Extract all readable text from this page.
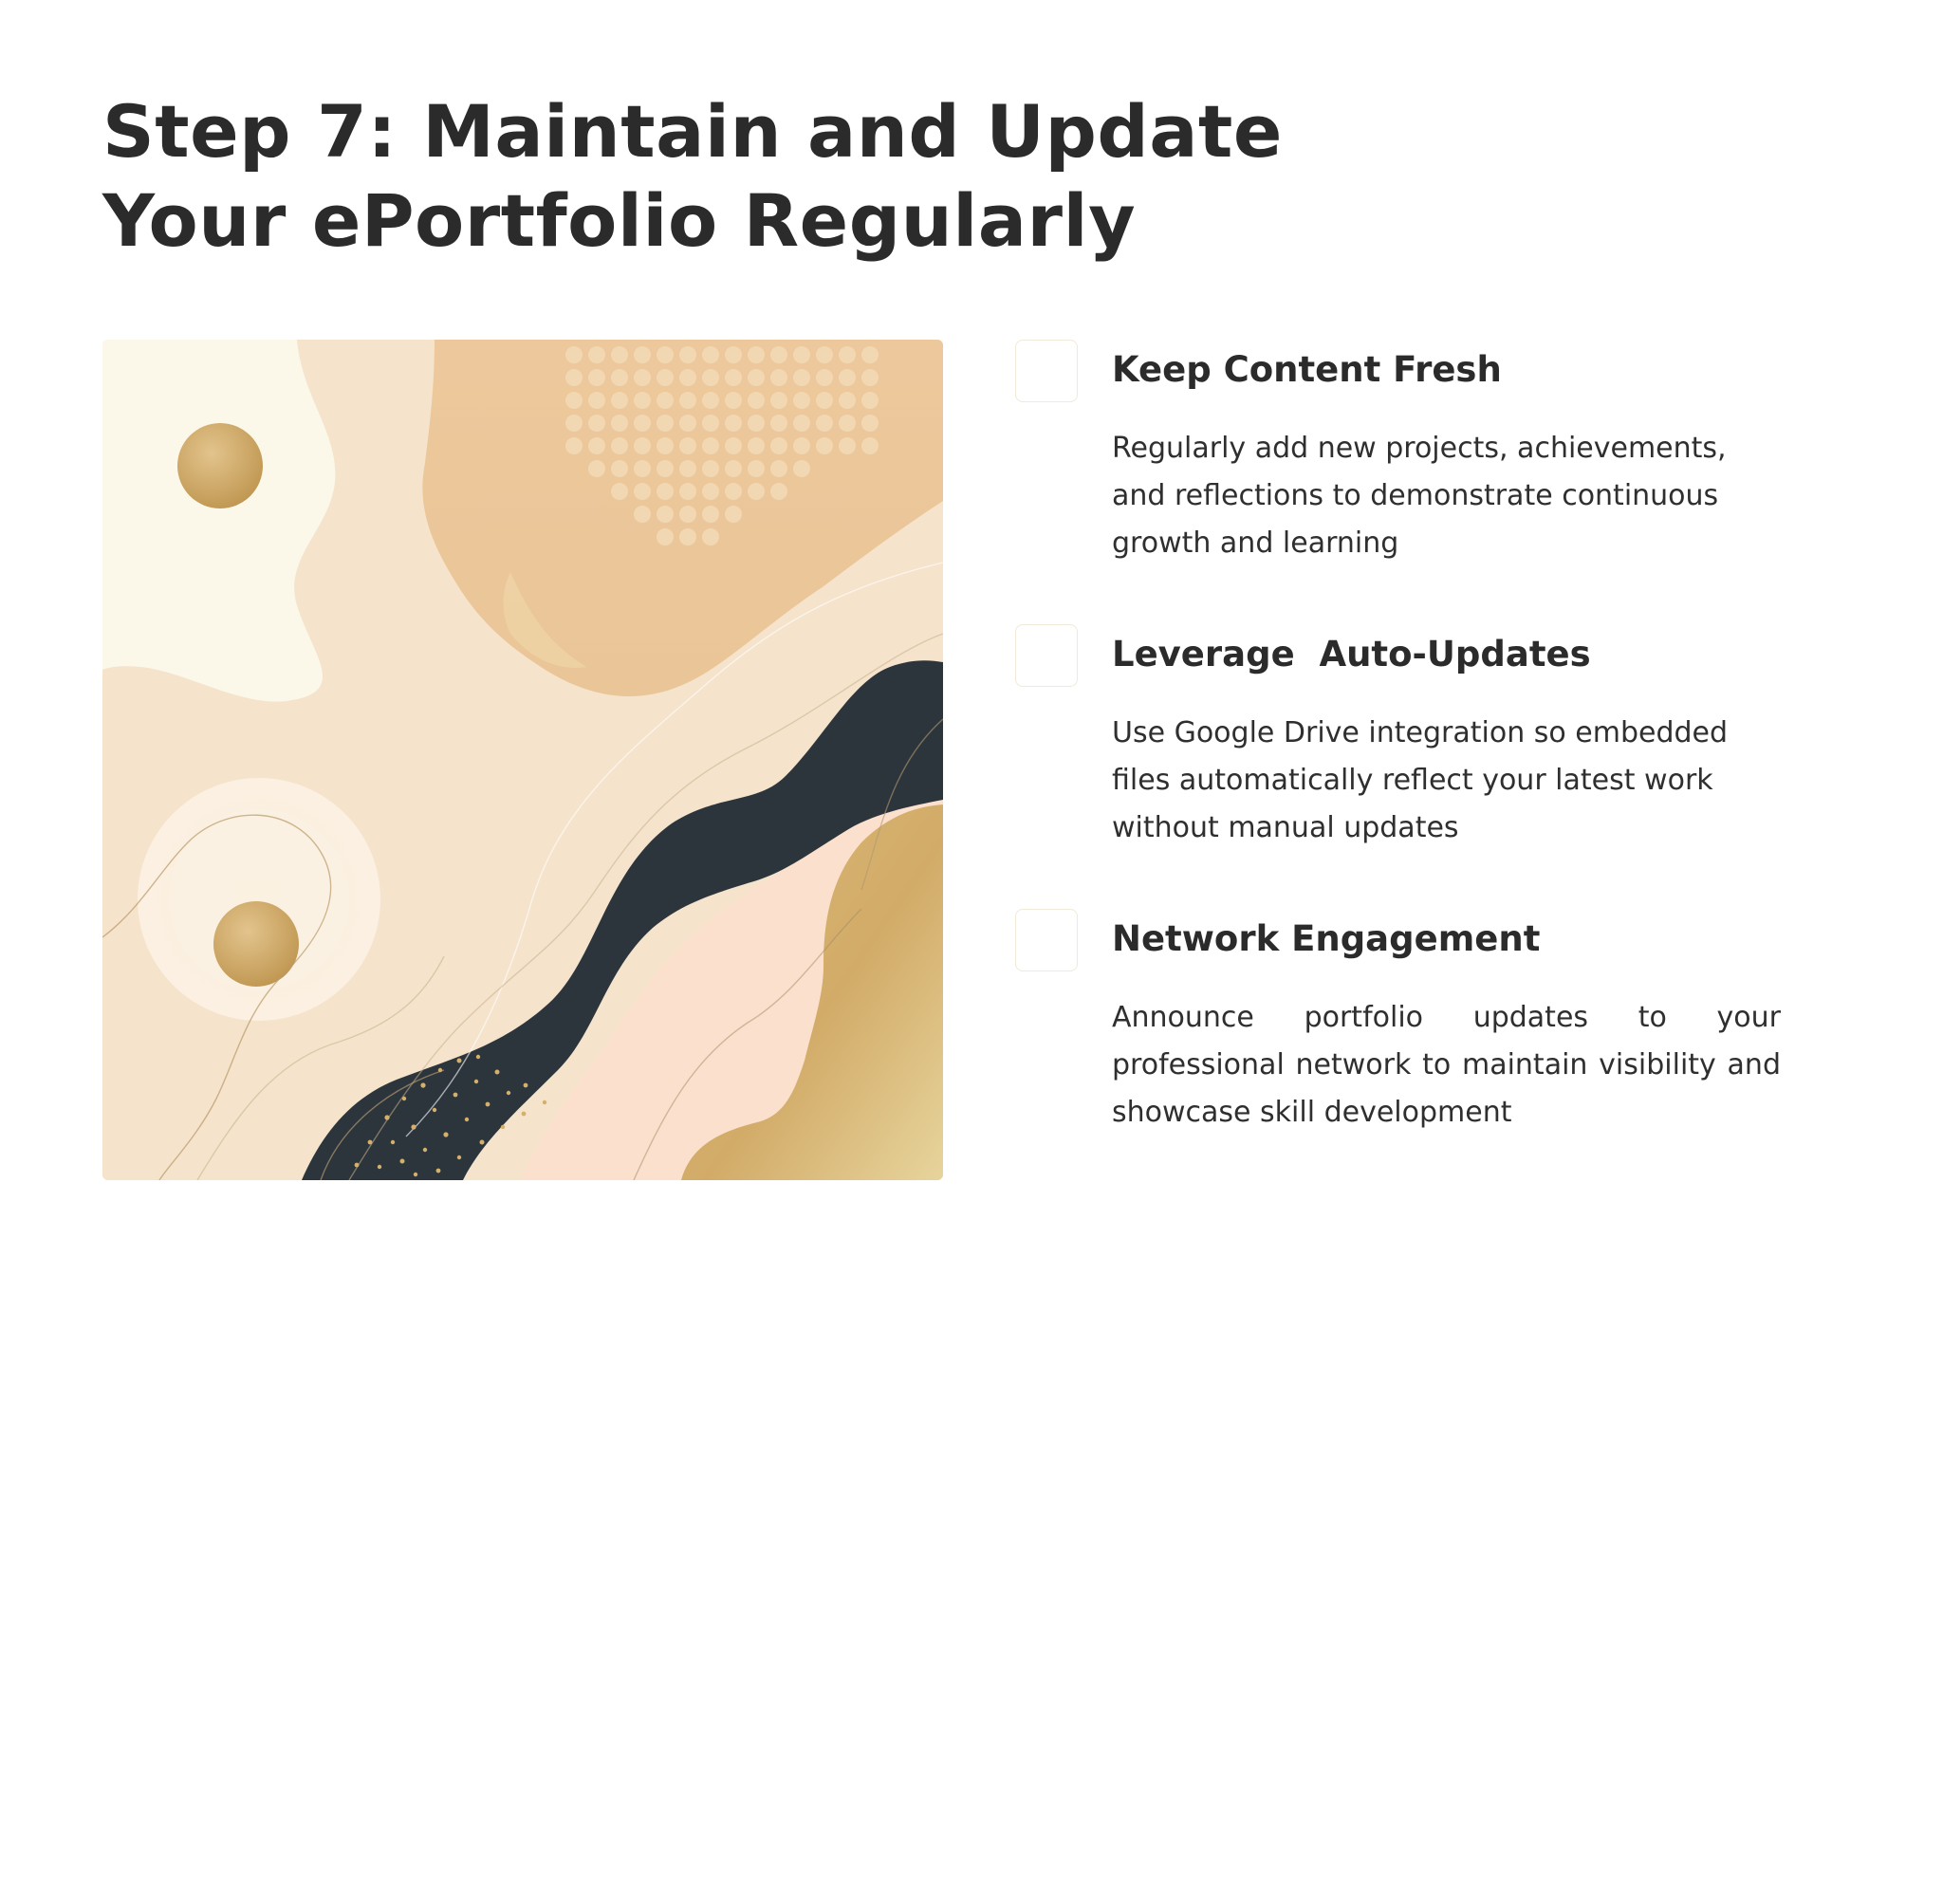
Step 7: Maintain and Update Your ePortfolio Regularly
Keep Content Fresh

Regularly add new projects, achievements, and reflections to demonstrate continuous growth and learning

Leverage  Auto-Updates

Use Google Drive integration so embedded files automatically reflect your latest work without manual updates

Network Engagement

Announce portfolio updates to your professional network to maintain visibility and showcase skill development
